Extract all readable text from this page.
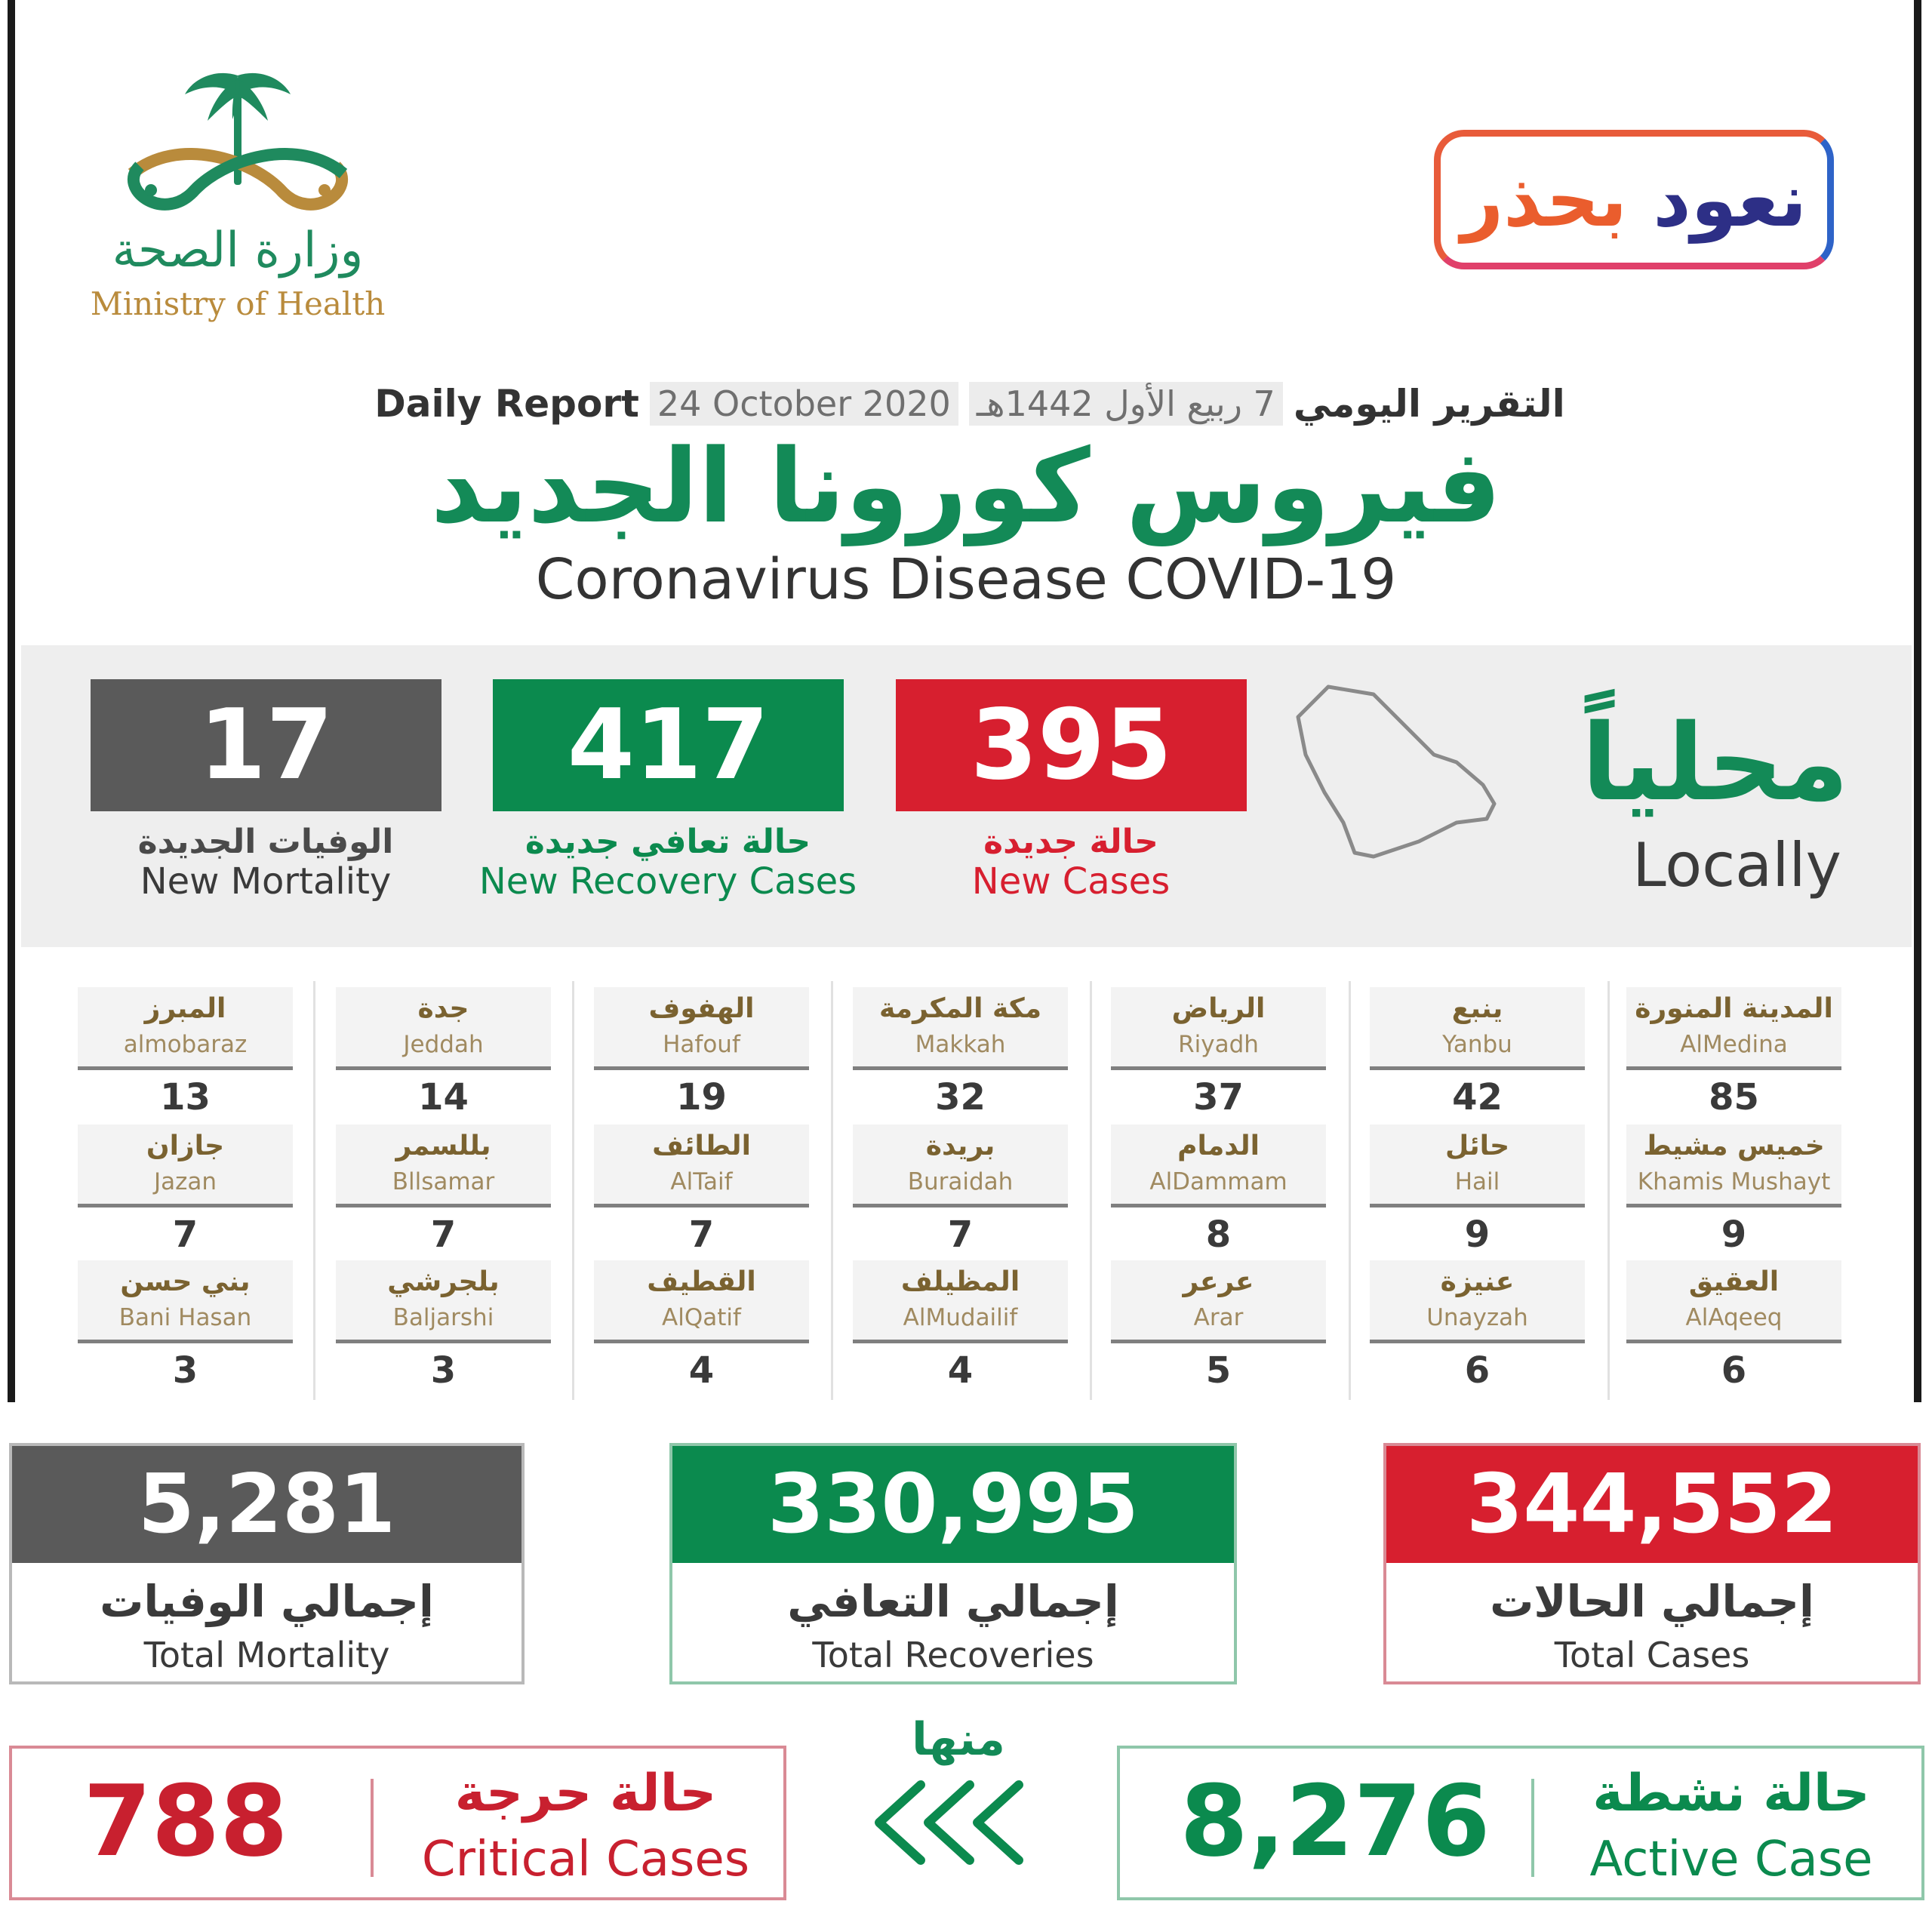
وزارة الصحة
Ministry of Health
نعود بحذر
Daily Report 24 October 2020 7 ربيع الأول 1442هـ التقرير اليومي
فيروس كورونا الجديد
Coronavirus Disease COVID-19
17
الوفيات الجديدة
New Mortality
417
حالة تعافي جديدة
New Recovery Cases
395
حالة جديدة
New Cases
محلياً
Locally
المدينة المنورة
AlMedina
85
ينبع
Yanbu
42
الرياض
Riyadh
37
مكة المكرمة
Makkah
32
الهفوف
Hafouf
19
جدة
Jeddah
14
المبرز
almobaraz
13
خميس مشيط
Khamis Mushayt
9
حائل
Hail
9
الدمام
AlDammam
8
بريدة
Buraidah
7
الطائف
AlTaif
7
بللسمر
Bllsamar
7
جازان
Jazan
7
العقيق
AlAqeeq
6
عنيزة
Unayzah
6
عرعر
Arar
5
المظيلف
AlMudailif
4
القطيف
AlQatif
4
بلجرشي
Baljarshi
3
بني حسن
Bani Hasan
3
5,281
إجمالي الوفيات
Total Mortality
330,995
إجمالي التعافي
Total Recoveries
344,552
إجمالي الحالات
Total Cases
788	حالة حرجة
Critical Cases
منها
8,276	حالة نشطة
Active Case
